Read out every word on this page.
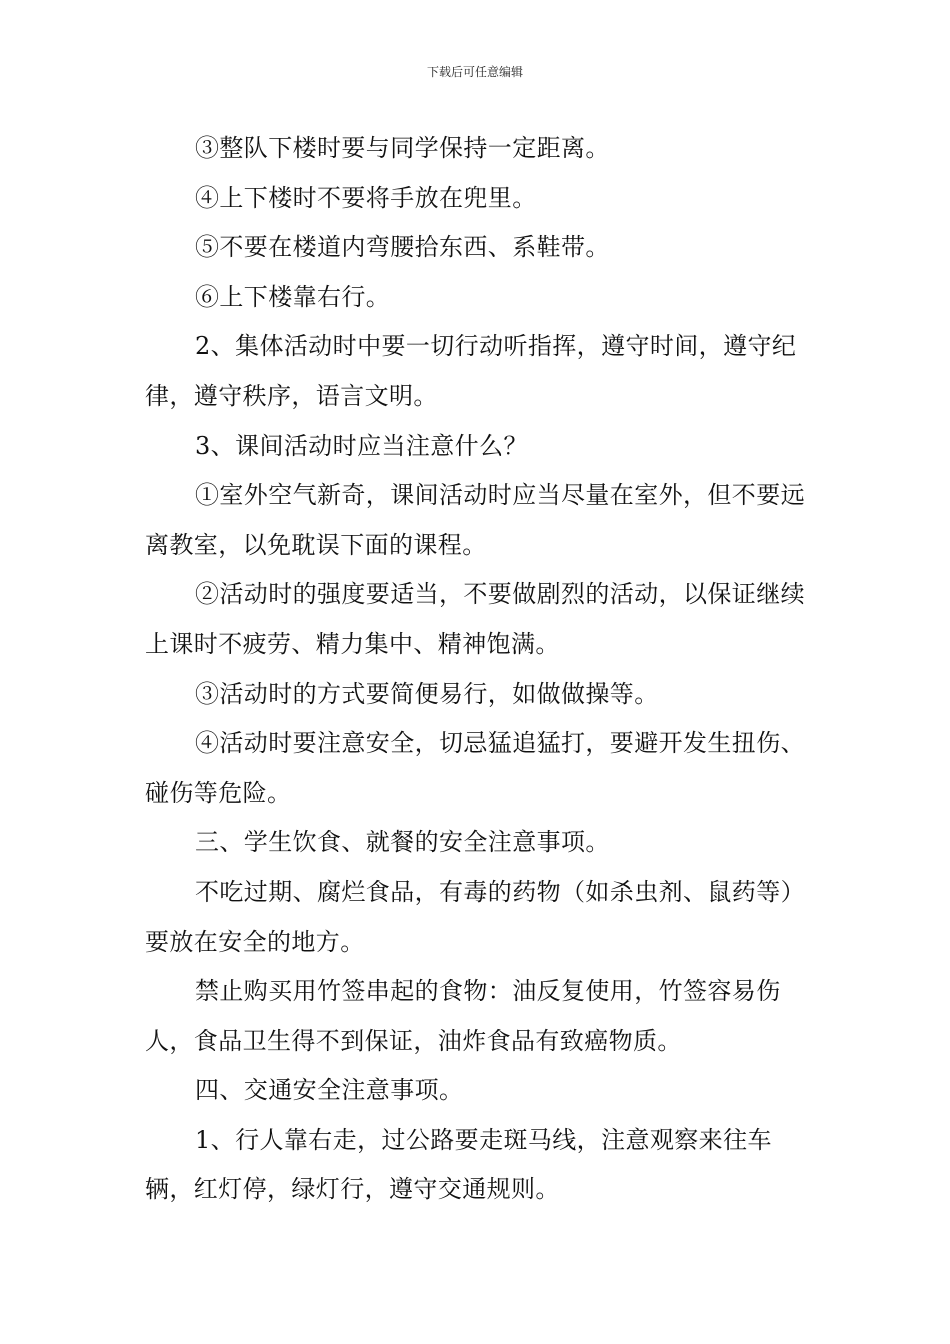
下载后可任意编辑

③整队下楼时要与同学保持一定距离。

④上下楼时不要将手放在兜里。

⑤不要在楼道内弯腰拾东西、系鞋带。

⑥上下楼靠右行。

2、集体活动时中要一切行动听指挥，遵守时间，遵守纪律，遵守秩序，语言文明。

3、课间活动时应当注意什么？

①室外空气新奇，课间活动时应当尽量在室外，但不要远离教室，以免耽误下面的课程。

②活动时的强度要适当，不要做剧烈的活动，以保证继续上课时不疲劳、精力集中、精神饱满。

③活动时的方式要简便易行，如做做操等。

④活动时要注意安全，切忌猛追猛打，要避开发生扭伤、碰伤等危险。

三、学生饮食、就餐的安全注意事项。

不吃过期、腐烂食品，有毒的药物（如杀虫剂、鼠药等）要放在安全的地方。

禁止购买用竹签串起的食物：油反复使用，竹签容易伤人，食品卫生得不到保证，油炸食品有致癌物质。

四、交通安全注意事项。

1、行人靠右走，过公路要走斑马线，注意观察来往车辆，红灯停，绿灯行，遵守交通规则。
